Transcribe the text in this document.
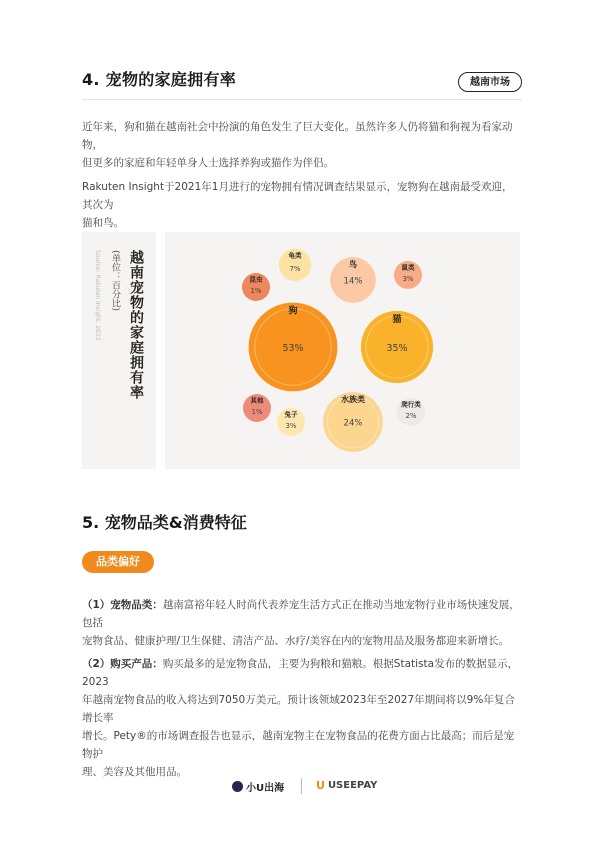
4. 宠物的家庭拥有率	越南市场
近年来，狗和猫在越南社会中扮演的角色发生了巨大变化。虽然许多人仍将猫和狗视为看家动物，
但更多的家庭和年轻单身人士选择养狗或猫作为伴侣。
Rakuten Insight于2021年1月进行的宠物拥有情况调查结果显示，宠物狗在越南最受欢迎，其次为
猫和鸟。
Source: Rakuten Insight, 2022 (单位：百分比) 越南宠物的家庭拥有率	狗
53%
猫
35%
水族类
24%
鸟
14%
龟类
7%	鼠类
3%
兔子
3%
爬行类
2%
昆虫
1%
其他
1%
5. 宠物品类&消费特征
品类偏好
（1）宠物品类：越南富裕年轻人时尚代表养宠生活方式正在推动当地宠物行业市场快速发展，包括
宠物食品、健康护理/卫生保健、清洁产品、水疗/美容在内的宠物用品及服务都迎来新增长。
（2）购买产品：购买最多的是宠物食品，主要为狗粮和猫粮。根据Statista发布的数据显示，2023
年越南宠物食品的收入将达到7050万美元。预计该领域2023年至2027年期间将以9%年复合增长率
增长。Pety®的市场调查报告也显示，越南宠物主在宠物食品的花费方面占比最高；而后是宠物护
理、美容及其他用品。
小U出海	U USEEPAY
